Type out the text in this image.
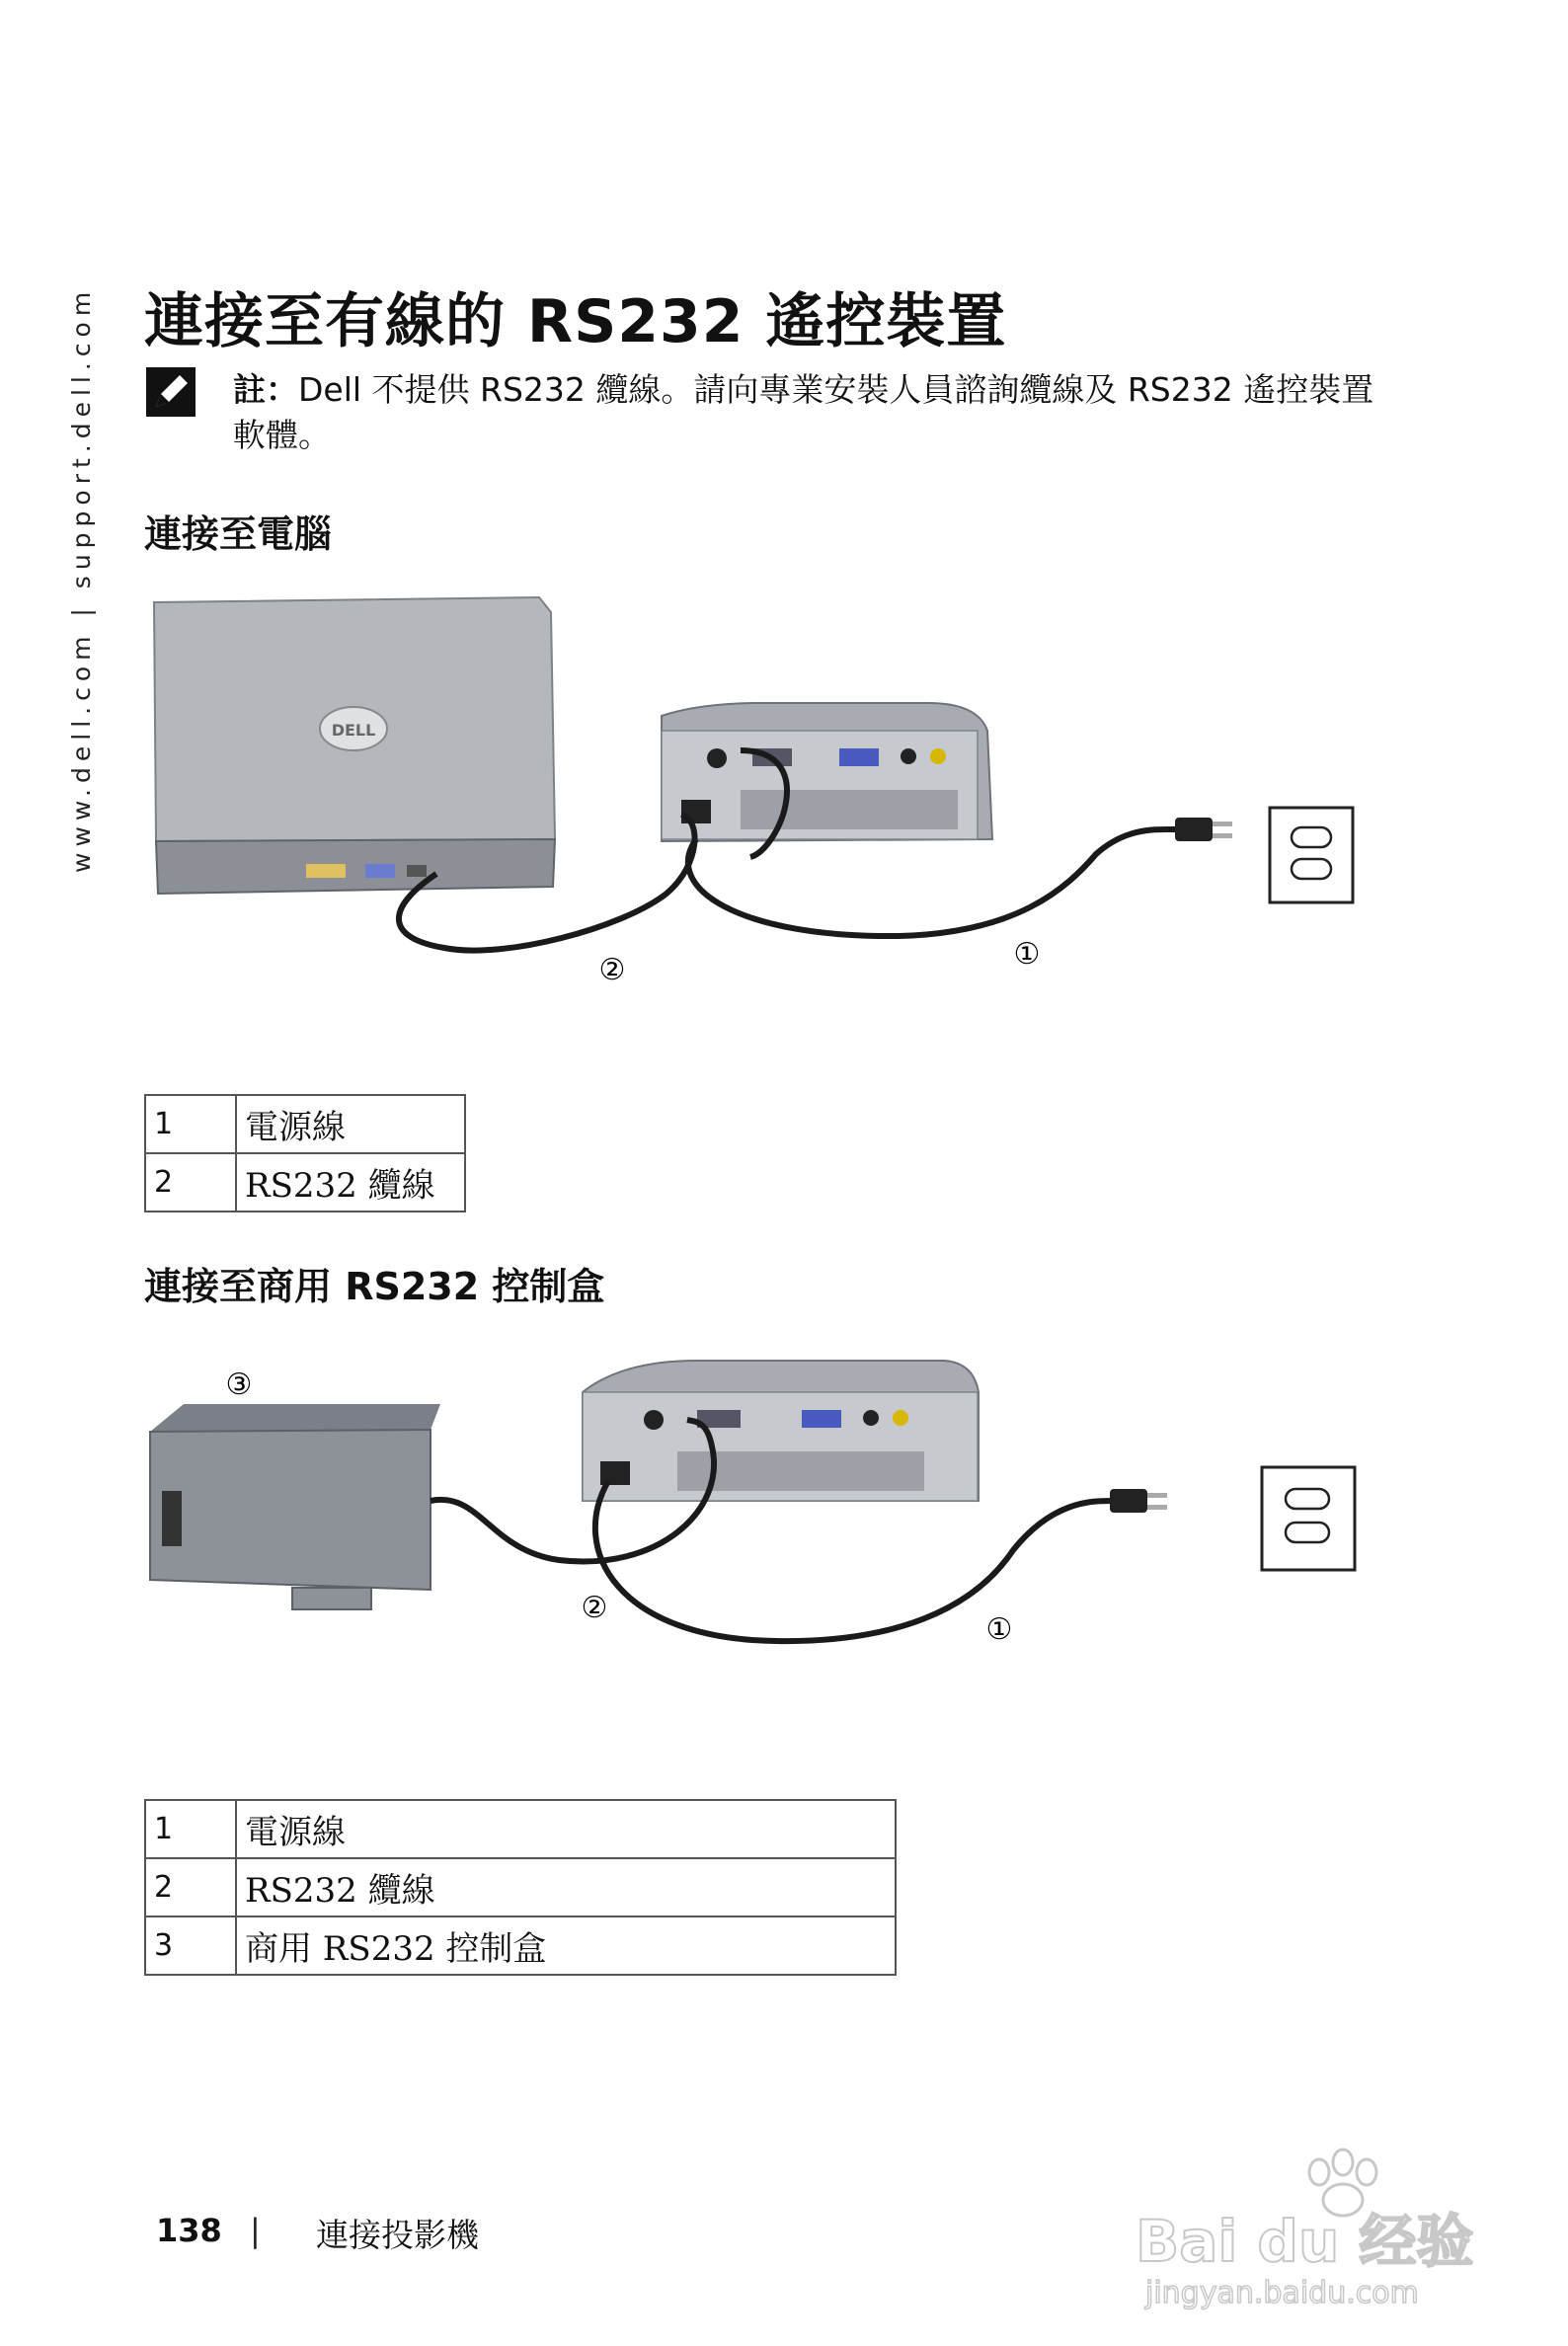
www.dell.com | support.dell.com 連接至有線的 RS232 遙控裝置
註：Dell 不提供 RS232 纜線。請向專業安裝人員諮詢纜線及 RS232 遙控裝置軟體。
連接至電腦
DELL
②	①
1	電源線
2	RS232 纜線
連接至商用 RS232 控制盒
③
②
①
1	電源線
2	RS232 纜線
3	商用 RS232 控制盒
138 | 連接投影機	Bai du 经验
jingyan.baidu.com
